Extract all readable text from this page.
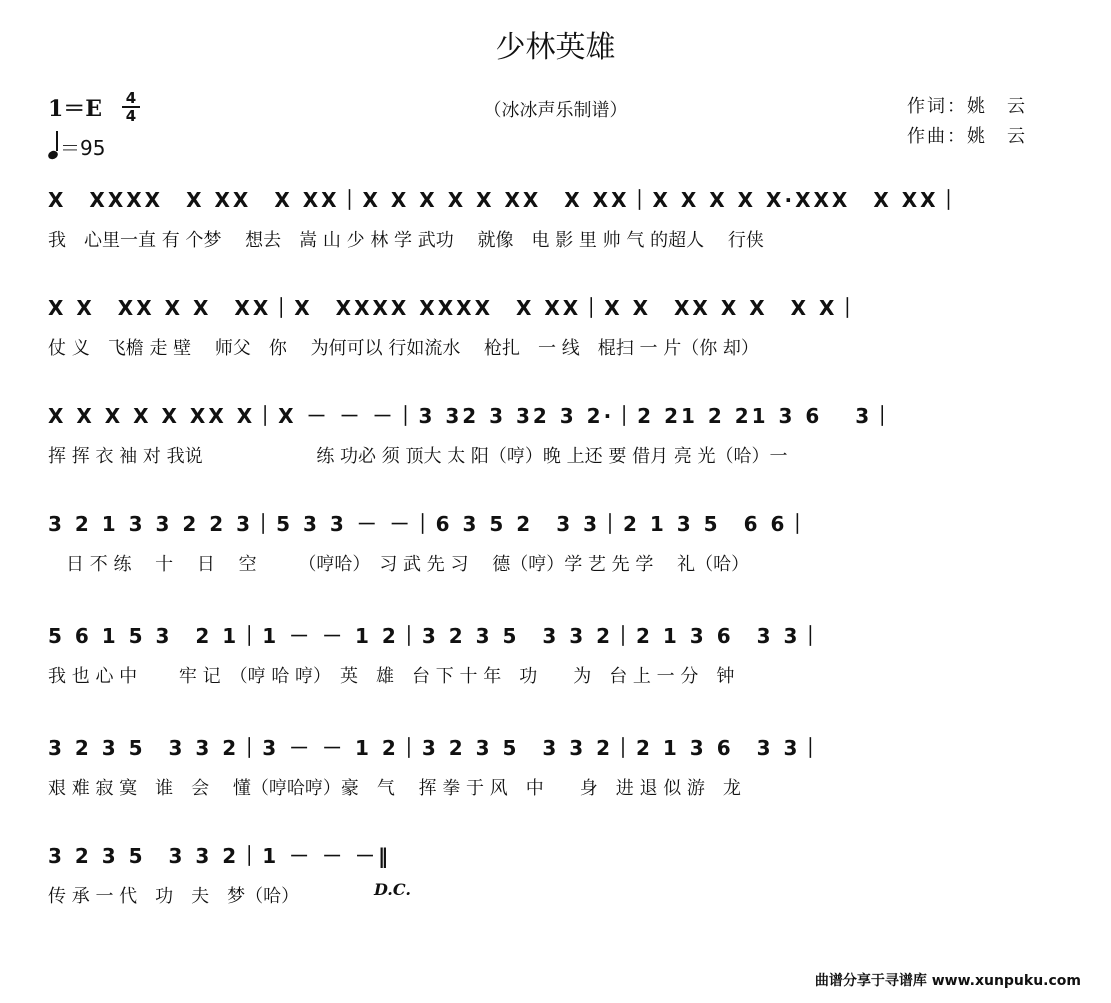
少林英雄
1＝E 4
4
＝95
（冰冰声乐制谱）	作词：姚　云
作曲：姚　云
X　XXXX　X XX　X XX｜X X X X X XX　X XX｜X X X X X·XXX　X XX｜
我　心里一直 有 个梦　 想去　嵩 山 少 林 学 武功　 就像　电 影 里 帅 气 的超人　 行侠
X X　XX X X　XX｜X　XXXX XXXX　X XX｜X X　XX X X　X X｜
仗 义　飞檐 走 壁　 师父　你　 为何可以 行如流水　 枪扎　一 线　棍扫 一 片（你 却）
X X X X X XX X｜X － － －｜3 32 3 32 3 2·｜2 21 2 21 3 6　 3｜
挥 挥 衣 袖 对 我说　　　　　　 练 功必 须 顶大 太 阳（哼）晚 上还 要 借月 亮 光（哈）一
3 2 1 3 3 2 2 3｜5 3 3 － －｜6 3 5 2　3 3｜2 1 3 5　6 6｜
　日 不 练　 十　 日　 空　　 （哼哈）　习 武 先 习　 德（哼）学 艺 先 学　 礼（哈）
5 6 1 5 3　2 1｜1 － － 1 2｜3 2 3 5　3 3 2｜2 1 3 6　3 3｜
我 也 心 中　　 牢 记　（哼 哈 哼）　英　雄　台 下 十 年　功　　为　台 上 一 分　钟
3 2 3 5　3 3 2｜3 － － 1 2｜3 2 3 5　3 3 2｜2 1 3 6　3 3｜
艰 难 寂 寞　谁　会　 懂（哼哈哼）豪　气　 挥 拳 于 风　中　　身　进 退 似 游　龙
3 2 3 5　3 3 2｜1 － － －‖
传 承 一 代　功　夫　梦（哈）	D.C.
曲谱分享于寻谱库 www.xunpuku.com
